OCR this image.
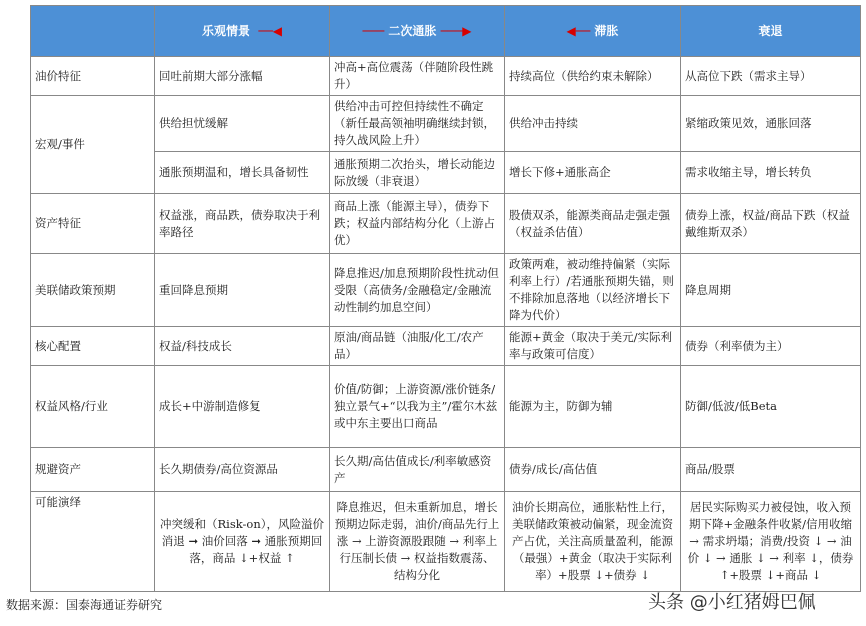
	乐观情景  ──◀	─── 二次通胀 ───▶	◀── 滞胀	衰退
油价特征	回吐前期大部分涨幅	冲高+高位震荡（伴随阶段性跳升）	持续高位（供给约束未解除）	从高位下跌（需求主导）
宏观/事件	供给担忧缓解	供给冲击可控但持续性不确定（新任最高领袖明确继续封锁，持久战风险上升）	供给冲击持续	紧缩政策见效，通胀回落
	通胀预期温和，增长具备韧性	通胀预期二次抬头，增长动能边际放缓（非衰退）	增长下修+通胀高企	需求收缩主导，增长转负
资产特征	权益涨，商品跌，债券取决于利率路径	商品上涨（能源主导），债券下跌；权益内部结构分化（上游占优）	股债双杀，能源类商品走强走强（权益杀估值）	债券上涨，权益/商品下跌（权益戴维斯双杀）
美联储政策预期	重回降息预期	降息推迟/加息预期阶段性扰动但受限（高债务/金融稳定/金融流动性制约加息空间）	政策两难，被动维持偏紧（实际利率上行）/若通胀预期失锚，则不排除加息落地（以经济增长下降为代价）	降息周期
核心配置	权益/科技成长	原油/商品链（油服/化工/农产品）	能源+黄金（取决于美元/实际利率与政策可信度）	债券（利率债为主）
权益风格/行业	成长+中游制造修复	价值/防御；上游资源/涨价链条/独立景气+“以我为主”/霍尔木兹或中东主要出口商品	能源为主，防御为辅	防御/低波/低Beta
规避资产	长久期债券/高位资源品	长久期/高估值成长/利率敏感资产	债券/成长/高估值	商品/股票
可能演绎	冲突缓和（Risk-on），风险溢价消退 ➞ 油价回落 ➞ 通胀预期回落，商品 ↓+权益 ↑	降息推迟，但未重新加息，增长预期边际走弱，油价/商品先行上涨 → 上游资源股跟随 → 利率上行压制长债 → 权益指数震荡、结构分化	油价长期高位，通胀粘性上行，美联储政策被动偏紧，现金流资产占优，关注高质量盈利，能源（最强）+黄金（取决于实际利率）+股票 ↓+债券 ↓	居民实际购买力被侵蚀，收入预期下降+金融条件收紧/信用收缩 → 需求坍塌；消费/投资 ↓ → 油价 ↓ → 通胀 ↓ → 利率 ↓，债券 ↑+股票 ↓+商品 ↓
数据来源：国泰海通证券研究	头条 @小红猪姆巴佩
